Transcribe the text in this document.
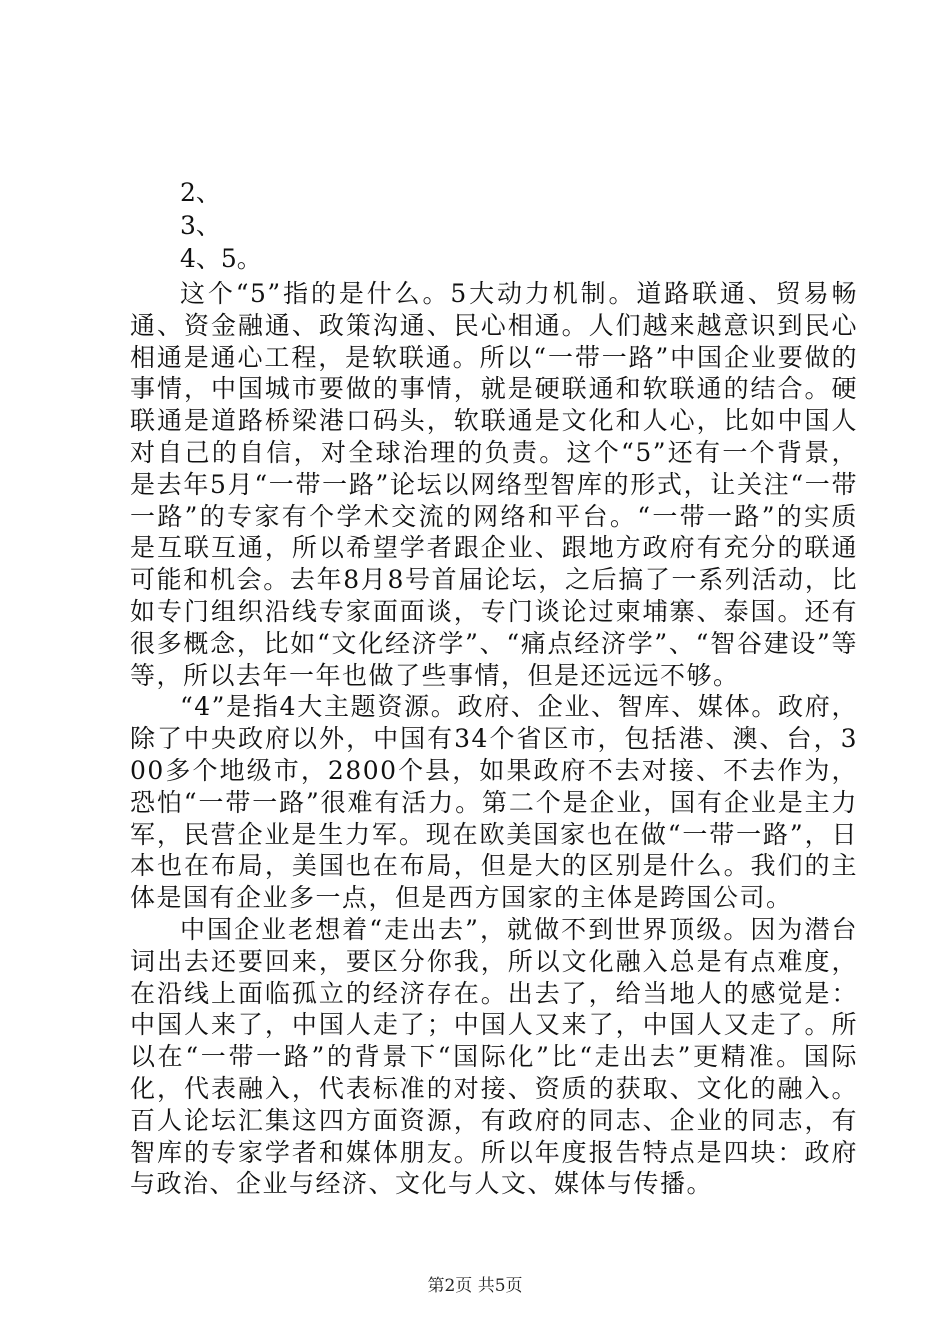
2、
3、
4、5。

这个“5”指的是什么。5大动力机制。道路联通、贸易畅通、资金融通、政策沟通、民心相通。人们越来越意识到民心相通是通心工程，是软联通。所以“一带一路”中国企业要做的事情，中国城市要做的事情，就是硬联通和软联通的结合。硬联通是道路桥梁港口码头，软联通是文化和人心，比如中国人对自己的自信，对全球治理的负责。这个“5”还有一个背景，是去年5月“一带一路”论坛以网络型智库的形式，让关注“一带一路”的专家有个学术交流的网络和平台。“一带一路”的实质是互联互通，所以希望学者跟企业、跟地方政府有充分的联通可能和机会。去年8月8号首届论坛，之后搞了一系列活动，比如专门组织沿线专家面面谈，专门谈论过柬埔寨、泰国。还有很多概念，比如“文化经济学”、“痛点经济学”、“智谷建设”等等，所以去年一年也做了些事情，但是还远远不够。

“4”是指4大主题资源。政府、企业、智库、媒体。政府，除了中央政府以外，中国有34个省区市，包括港、澳、台，300多个地级市，2800个县，如果政府不去对接、不去作为，恐怕“一带一路”很难有活力。第二个是企业，国有企业是主力军，民营企业是生力军。现在欧美国家也在做“一带一路”，日本也在布局，美国也在布局，但是大的区别是什么。我们的主体是国有企业多一点，但是西方国家的主体是跨国公司。

中国企业老想着“走出去”，就做不到世界顶级。因为潜台词出去还要回来，要区分你我，所以文化融入总是有点难度，在沿线上面临孤立的经济存在。出去了，给当地人的感觉是：中国人来了，中国人走了；中国人又来了，中国人又走了。所以在“一带一路”的背景下“国际化”比“走出去”更精准。国际化，代表融入，代表标准的对接、资质的获取、文化的融入。百人论坛汇集这四方面资源，有政府的同志、企业的同志，有智库的专家学者和媒体朋友。所以年度报告特点是四块：政府与政治、企业与经济、文化与人文、媒体与传播。

第2页 共5页
